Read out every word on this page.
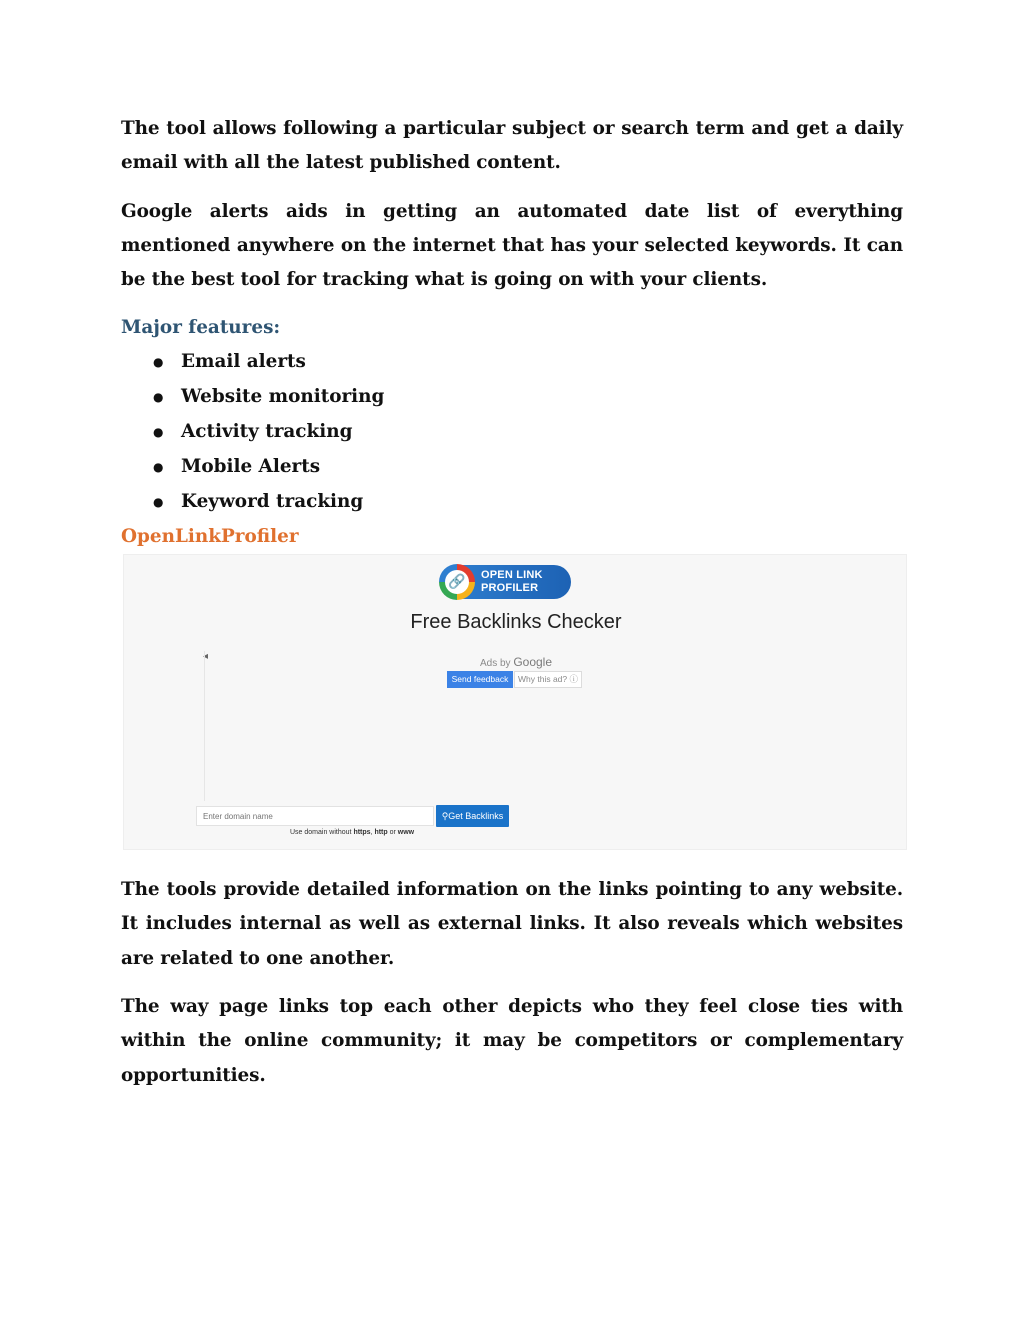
The tool allows following a particular subject or search term and get a daily email with all the latest published content.

Google alerts aids in getting an automated date list of everything mentioned anywhere on the internet that has your selected keywords. It can be the best tool for tracking what is going on with your clients.

Major features:
● Email alerts
● Website monitoring
● Activity tracking
● Mobile Alerts
● Keyword tracking
OpenLinkProfiler
🔗 OPEN LINK
PROFILER
Free Backlinks Checker
◂
Ads by Google
Send feedback	Why this ad? ⓘ
Enter domain name
⚲Get Backlinks
Use domain without https, http or www

The tools provide detailed information on the links pointing to any website. It includes internal as well as external links. It also reveals which websites are related to one another.

The way page links top each other depicts who they feel close ties with within the online community; it may be competitors or complementary opportunities.
